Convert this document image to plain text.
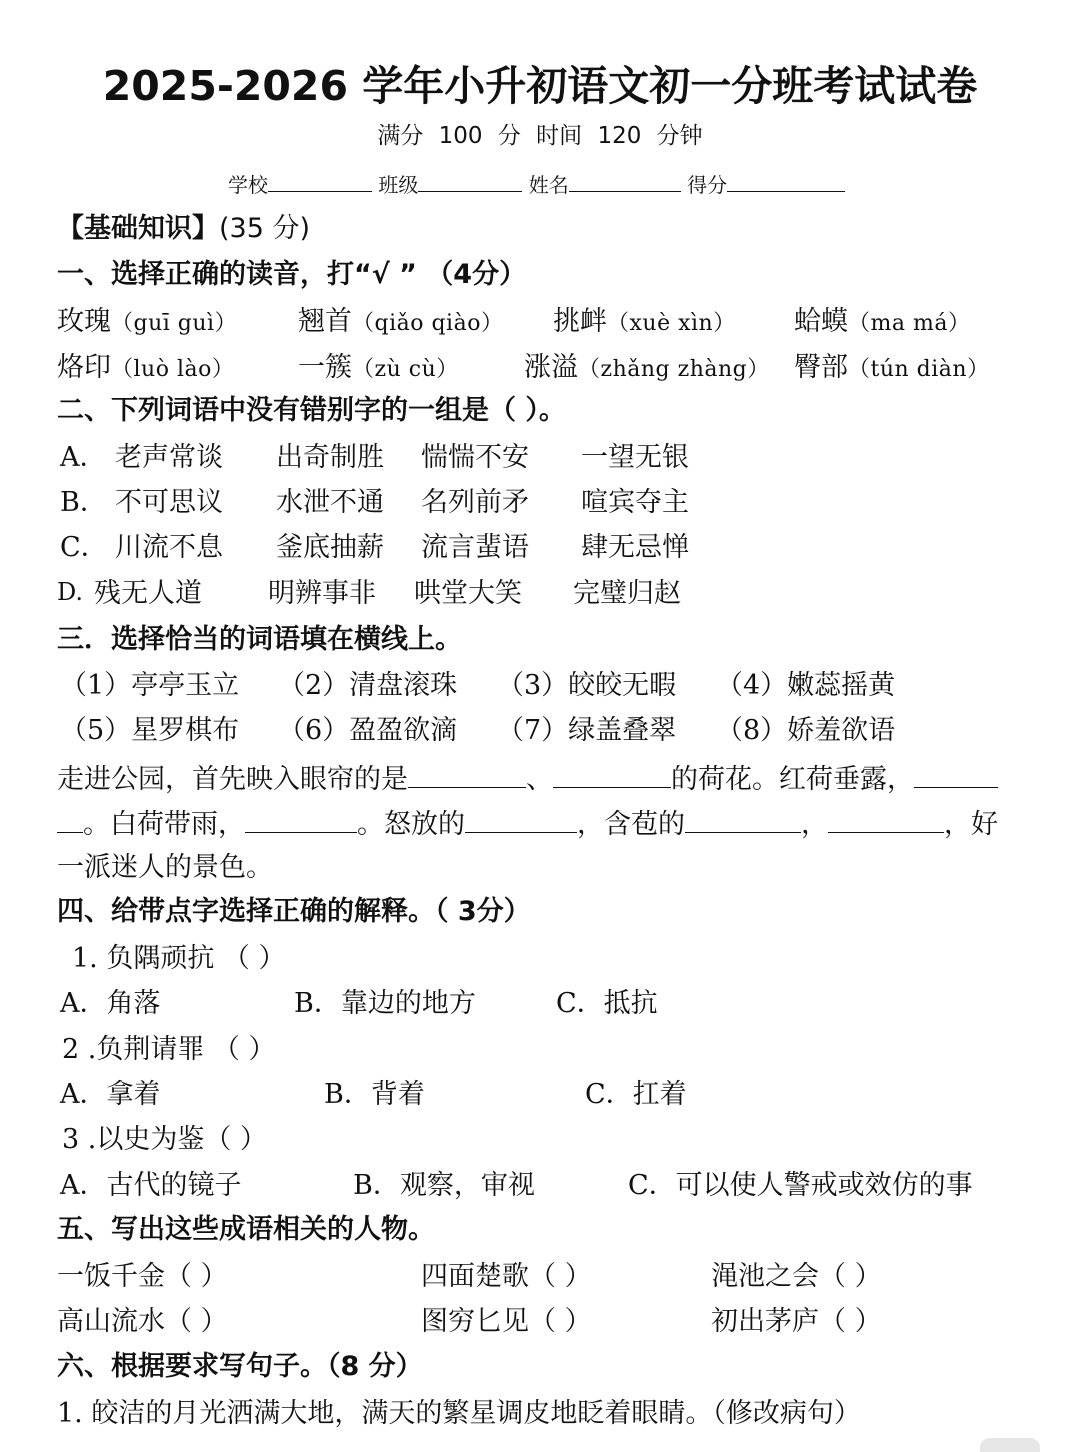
2025-2026 学年小升初语文初一分班考试试卷
满分 100 分 时间 120 分钟
学校	班级	姓名	得分
【基础知识】(35 分)
一、选择正确的读音，打“√ ” （4分）
玫瑰（guī guì） 翘首（qiǎo qiào） 挑衅（xuè xìn） 蛤蟆（ma má）
烙印（luò lào） 一簇（zù cù） 涨溢（zhǎng zhàng） 臀部（tún diàn）
二、下列词语中没有错别字的一组是（ ）。
A． 老声常谈 出奇制胜 惴惴不安 一望无银
B． 不可思议 水泄不通 名列前矛 喧宾夺主
C． 川流不息 釜底抽薪 流言蜚语 肆无忌惮
D. 残无人道 明辨事非 哄堂大笑 完璧归赵
三．选择恰当的词语填在横线上。
（1）亭亭玉立 （2）清盘滚珠 （3）皎皎无暇 （4）嫩蕊摇黄
（5）星罗棋布 （6）盈盈欲滴 （7）绿盖叠翠 （8）娇羞欲语
走进公园，首先映入眼帘的是	、	的荷花。红荷垂露，
。白荷带雨，	。怒放的	，含苞的	，	，好
一派迷人的景色。
四、给带点字选择正确的解释。（ 3分）
1. 负隅顽抗 （ ）
A．角落	B．靠边的地方	C．抵抗
2 .负荆请罪 （ ）
A．拿着	B．背着	C．扛着
3 .以史为鉴（ ）
A．古代的镜子	B．观察，审视	C．可以使人警戒或效仿的事
五、写出这些成语相关的人物。
一饭千金（ ）	四面楚歌（ ）	渑池之会（ ）
高山流水（ ）	图穷匕见（ ）	初出茅庐（ ）
六、根据要求写句子。（8 分）
1. 皎洁的月光洒满大地，满天的繁星调皮地眨着眼睛。（修改病句）
